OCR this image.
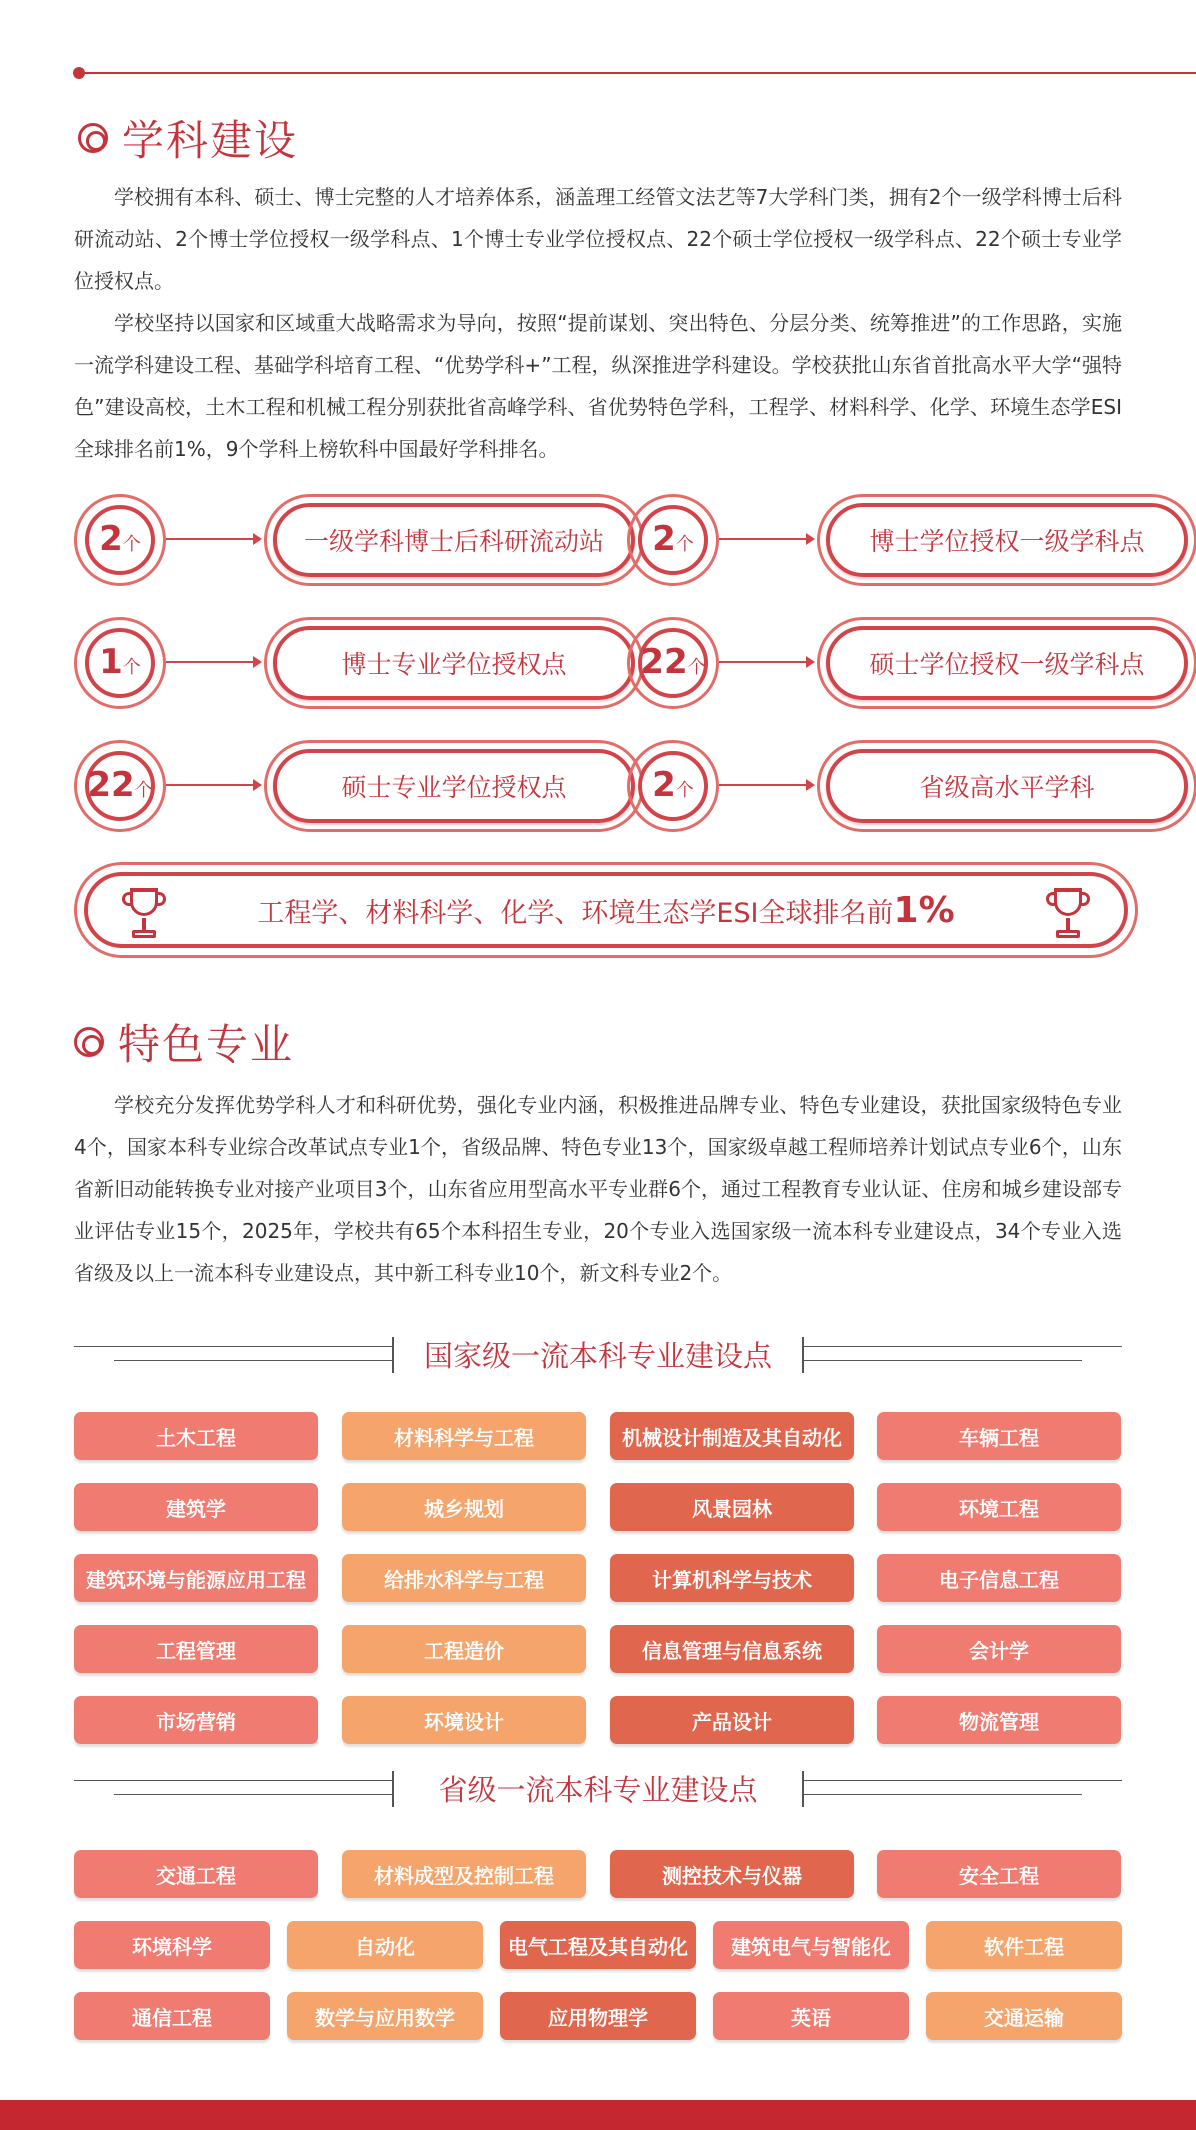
学科建设

学校拥有本科、硕士、博士完整的人才培养体系，涵盖理工经管文法艺等7大学科门类，拥有2个一级学科博士后科研流动站、2个博士学位授权一级学科点、1个博士专业学位授权点、22个硕士学位授权一级学科点、22个硕士专业学位授权点。

学校坚持以国家和区域重大战略需求为导向，按照“提前谋划、突出特色、分层分类、统筹推进”的工作思路，实施一流学科建设工程、基础学科培育工程、“优势学科+”工程，纵深推进学科建设。学校获批山东省首批高水平大学“强特色”建设高校，土木工程和机械工程分别获批省高峰学科、省优势特色学科，工程学、材料科学、化学、环境生态学ESI全球排名前1%，9个学科上榜软科中国最好学科排名。

2 个	一级学科博士后科研流动站	2 个	博士学位授权一级学科点
1 个	博士专业学位授权点	22 个	硕士学位授权一级学科点
22 个	硕士专业学位授权点	2 个	省级高水平学科
工程学、材料科学、化学、环境生态学ESI全球排名前 1%
特色专业

学校充分发挥优势学科人才和科研优势，强化专业内涵，积极推进品牌专业、特色专业建设，获批国家级特色专业4个，国家本科专业综合改革试点专业1个，省级品牌、特色专业13个，国家级卓越工程师培养计划试点专业6个，山东省新旧动能转换专业对接产业项目3个，山东省应用型高水平专业群6个，通过工程教育专业认证、住房和城乡建设部专业评估专业15个，2025年，学校共有65个本科招生专业，20个专业入选国家级一流本科专业建设点，34个专业入选省级及以上一流本科专业建设点，其中新工科专业10个，新文科专业2个。

国家级一流本科专业建设点
土木工程	材料科学与工程	机械设计制造及其自动化	车辆工程
建筑学	城乡规划	风景园林	环境工程
建筑环境与能源应用工程	给排水科学与工程	计算机科学与技术	电子信息工程
工程管理	工程造价	信息管理与信息系统	会计学
市场营销	环境设计	产品设计	物流管理
省级一流本科专业建设点
交通工程	材料成型及控制工程	测控技术与仪器	安全工程
环境科学	自动化	电气工程及其自动化	建筑电气与智能化	软件工程
通信工程	数学与应用数学	应用物理学	英语	交通运输
